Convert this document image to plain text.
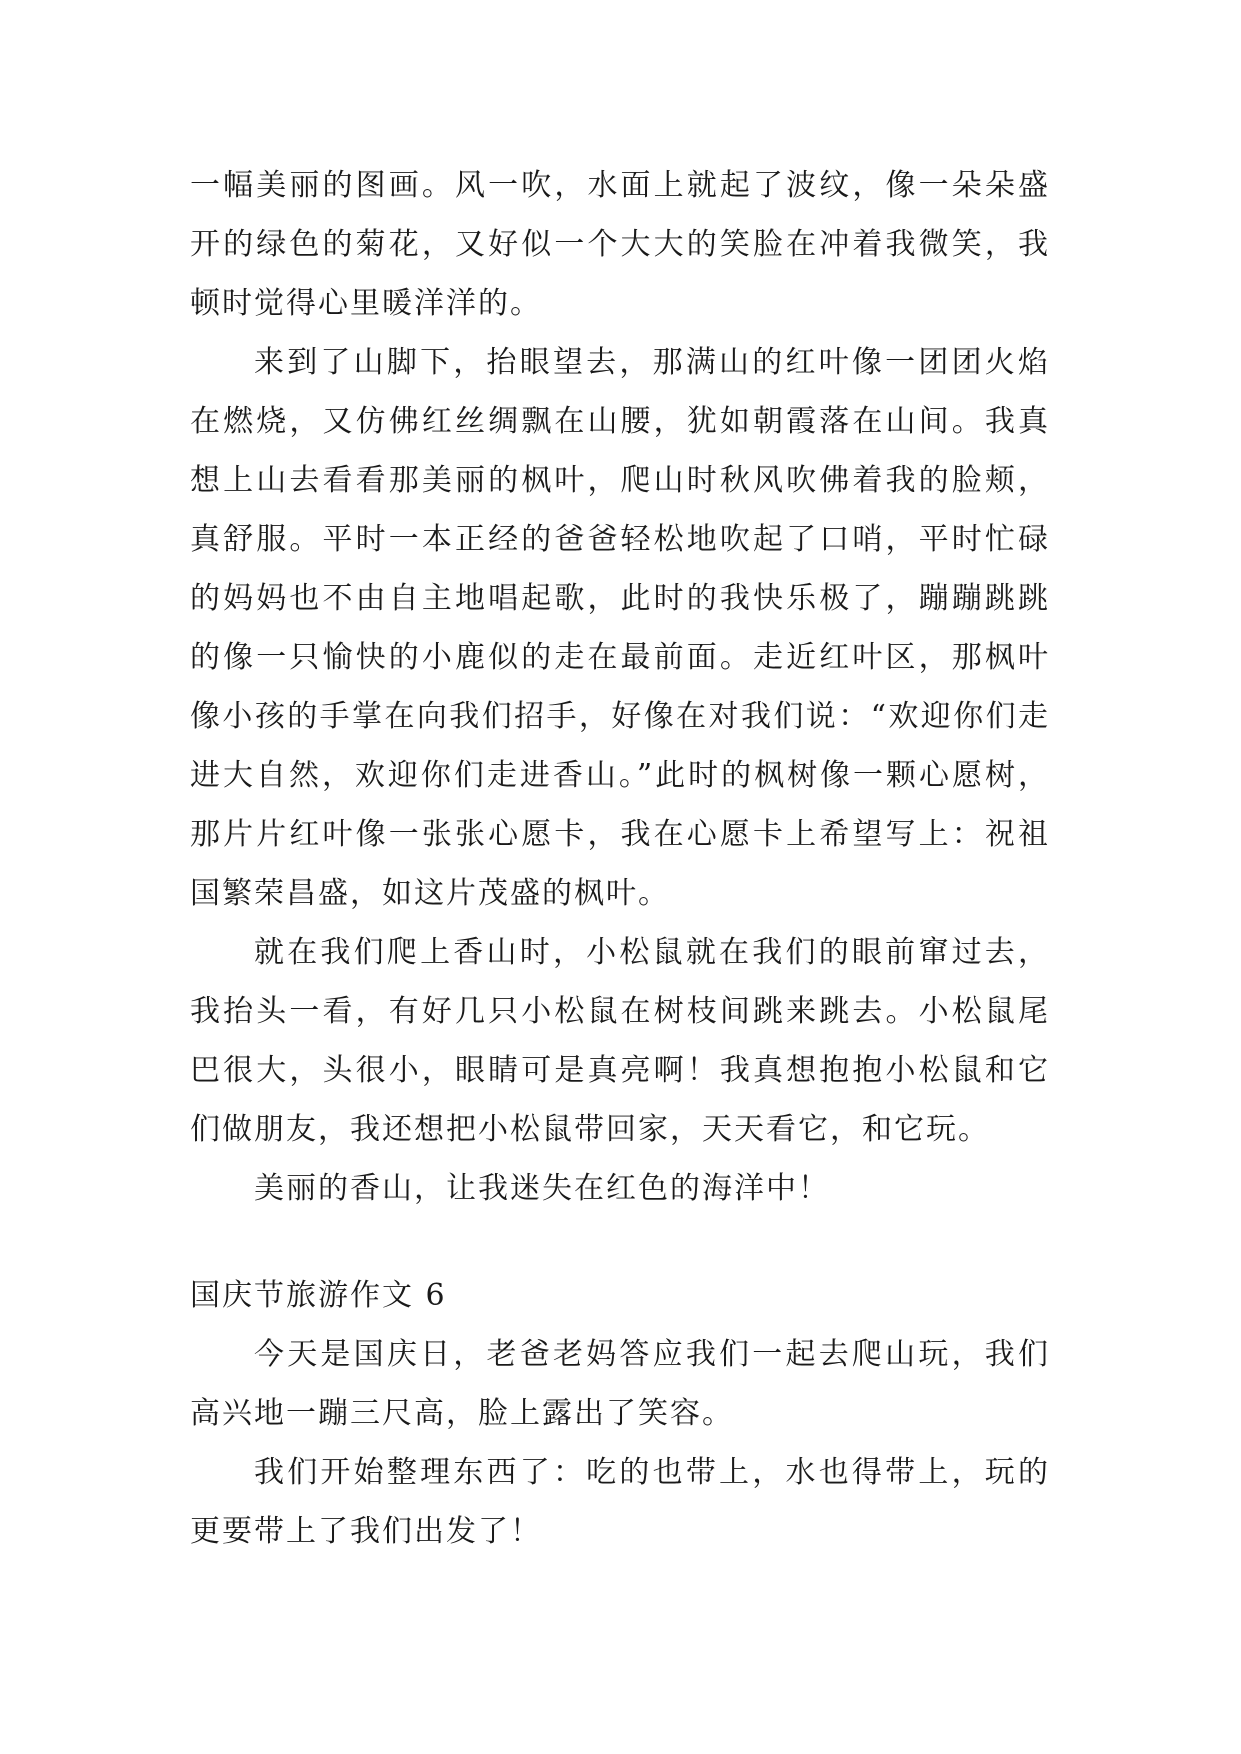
一幅美丽的图画。风一吹，水面上就起了波纹，像一朵朵盛开的绿色的菊花，又好似一个大大的笑脸在冲着我微笑，我顿时觉得心里暖洋洋的。

来到了山脚下，抬眼望去，那满山的红叶像一团团火焰在燃烧，又仿佛红丝绸飘在山腰，犹如朝霞落在山间。我真想上山去看看那美丽的枫叶，爬山时秋风吹佛着我的脸颊，真舒服。平时一本正经的爸爸轻松地吹起了口哨，平时忙碌的妈妈也不由自主地唱起歌，此时的我快乐极了，蹦蹦跳跳的像一只愉快的小鹿似的走在最前面。走近红叶区，那枫叶像小孩的手掌在向我们招手，好像在对我们说：“欢迎你们走进大自然，欢迎你们走进香山。”此时的枫树像一颗心愿树，那片片红叶像一张张心愿卡，我在心愿卡上希望写上：祝祖国繁荣昌盛，如这片茂盛的枫叶。

就在我们爬上香山时，小松鼠就在我们的眼前窜过去，我抬头一看，有好几只小松鼠在树枝间跳来跳去。小松鼠尾巴很大，头很小，眼睛可是真亮啊！我真想抱抱小松鼠和它们做朋友，我还想把小松鼠带回家，天天看它，和它玩。

美丽的香山，让我迷失在红色的海洋中！

国庆节旅游作文 6

今天是国庆日，老爸老妈答应我们一起去爬山玩，我们高兴地一蹦三尺高，脸上露出了笑容。

我们开始整理东西了：吃的也带上，水也得带上，玩的更要带上了我们出发了！
